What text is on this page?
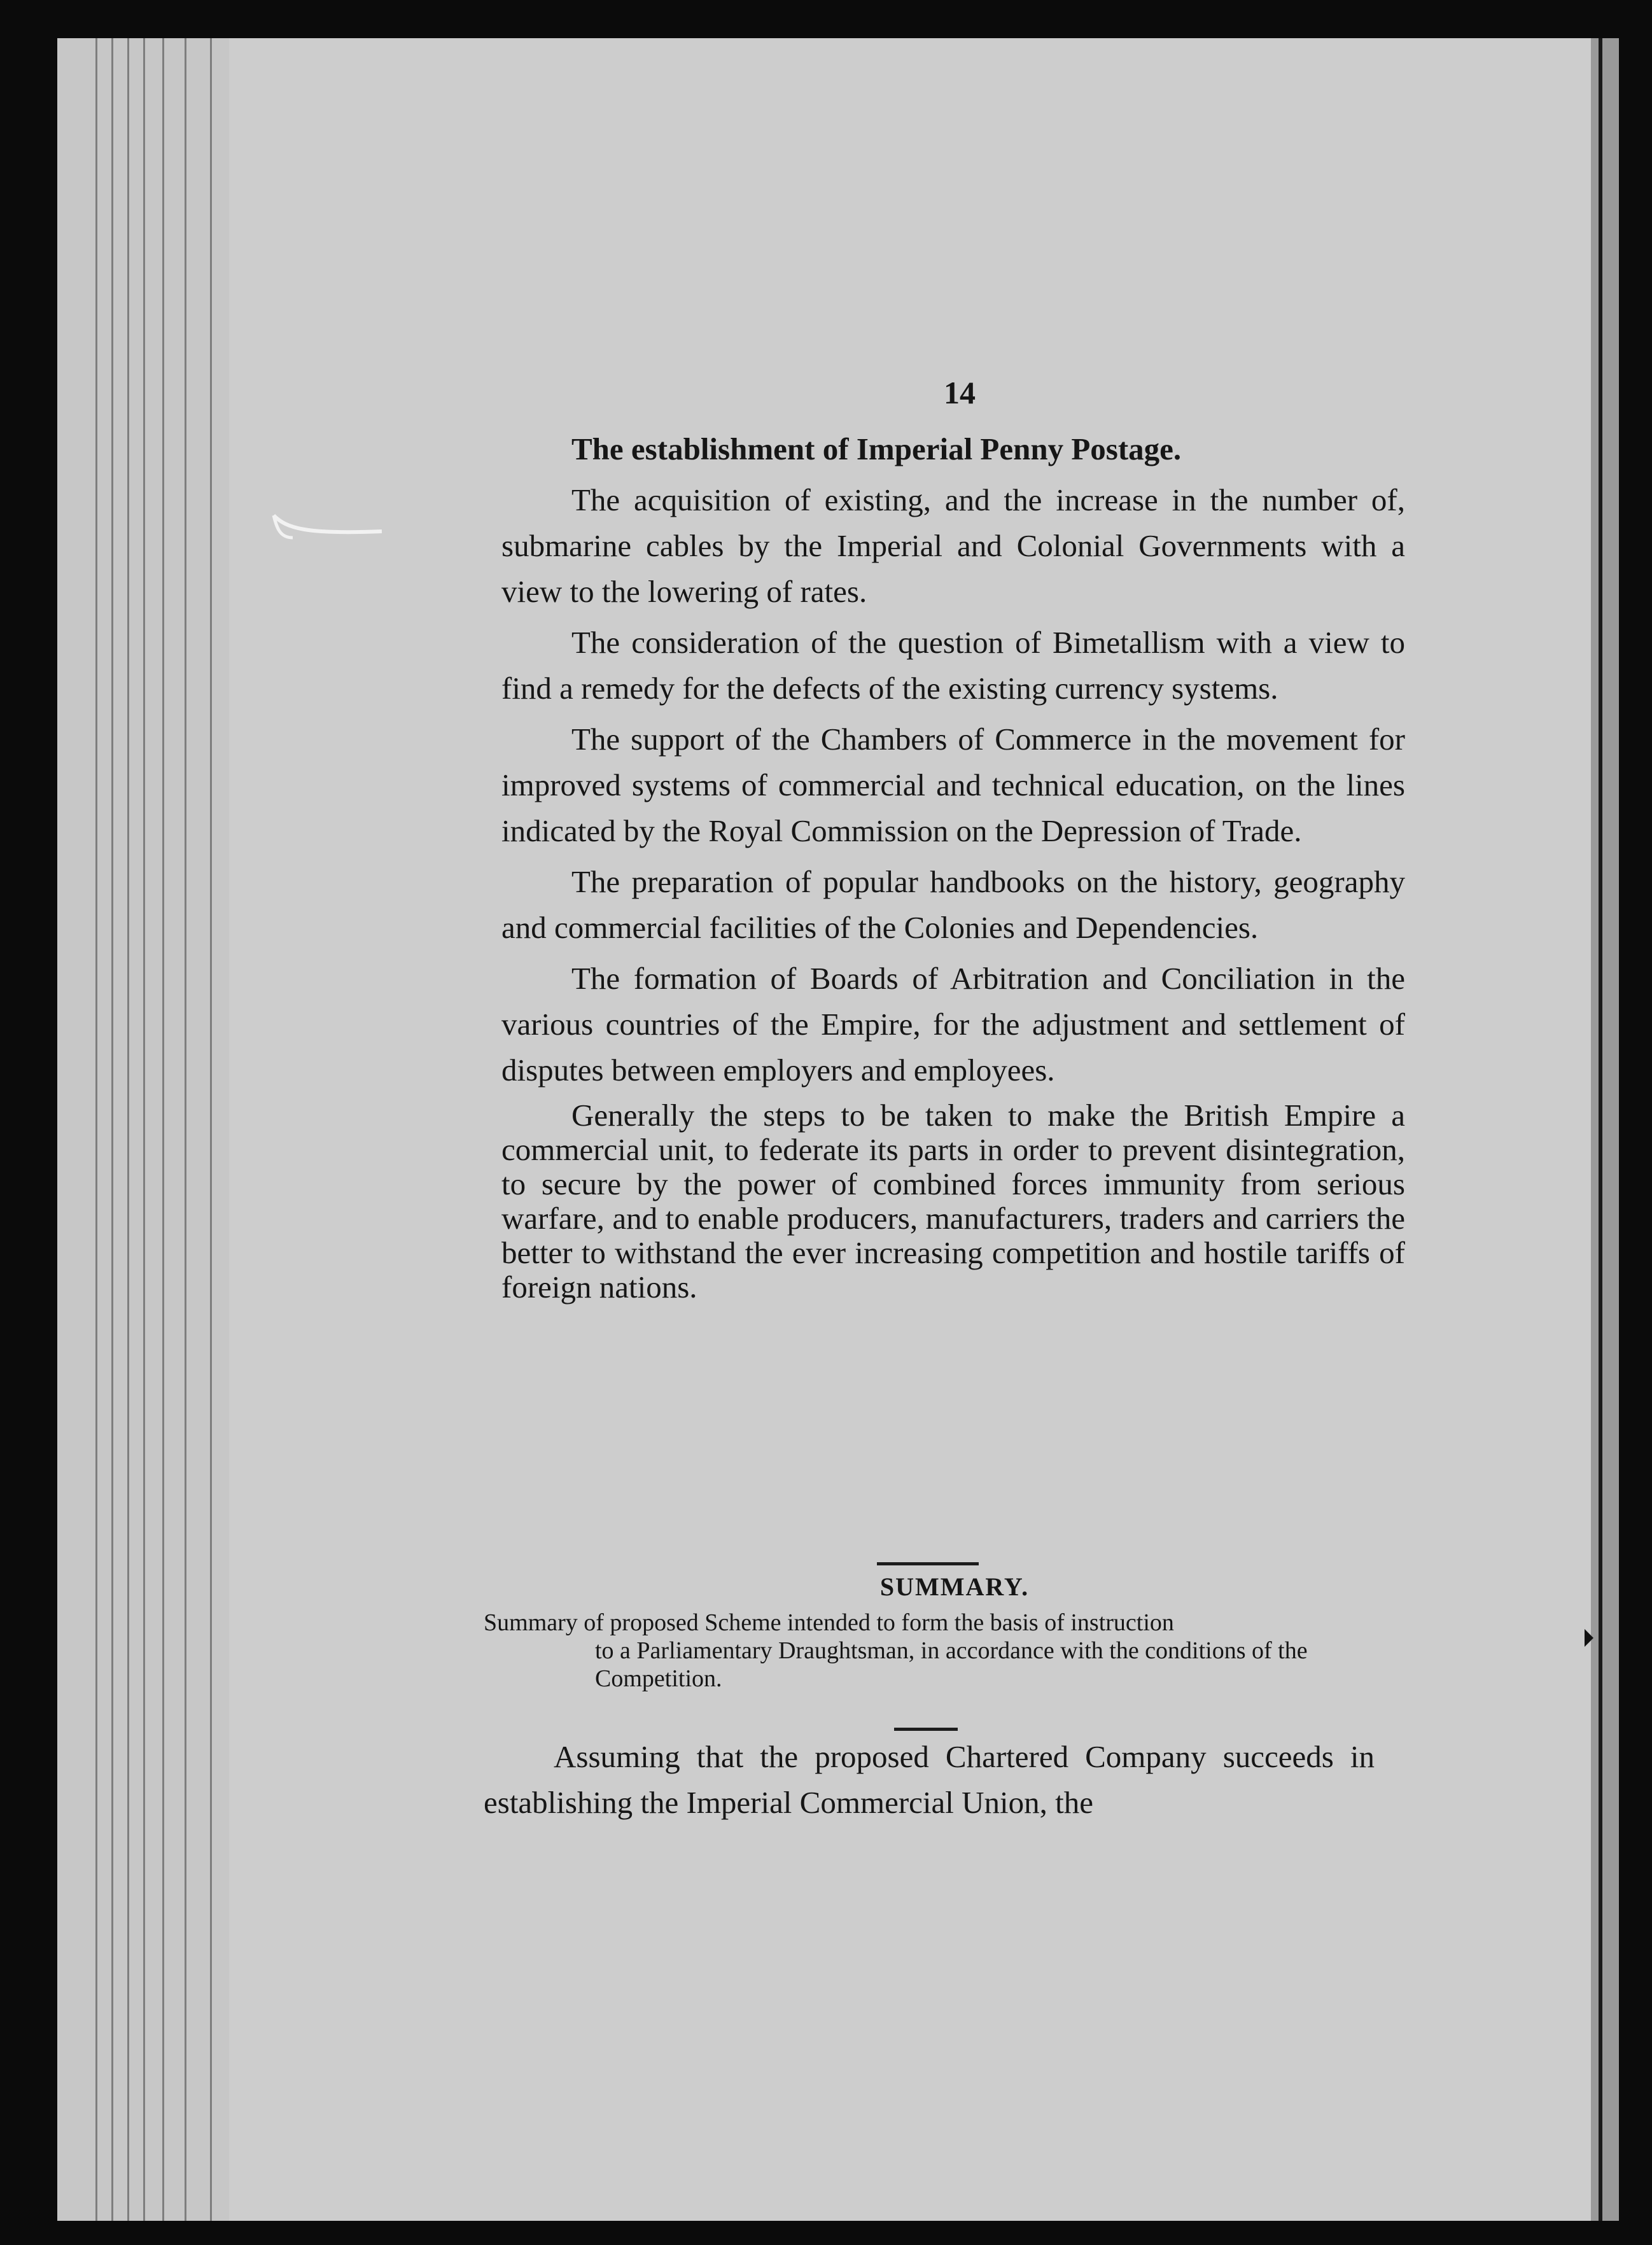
14

The establishment of Imperial Penny Postage.

The acquisition of existing, and the increase in the number of, submarine cables by the Imperial and Colonial Governments with a view to the lowering of rates.

The consideration of the question of Bimetallism with a view to find a remedy for the defects of the existing currency systems.

The support of the Chambers of Commerce in the movement for improved systems of commercial and technical education, on the lines indicated by the Royal Commission on the Depression of Trade.

The preparation of popular handbooks on the history, geography and commercial facilities of the Colonies and Dependencies.

The formation of Boards of Arbitration and Conciliation in the various countries of the Empire, for the adjustment and settlement of disputes between employers and employees.

Generally the steps to be taken to make the British Empire a commercial unit, to federate its parts in order to prevent disintegration, to secure by the power of combined forces immunity from serious warfare, and to enable producers, manufacturers, traders and carriers the better to withstand the ever increasing competition and hostile tariffs of foreign nations.

SUMMARY.
Summary of proposed Scheme intended to form the basis of instruction
to a Parliamentary Draughtsman, in accordance with the conditions of the Competition.

Assuming that the proposed Chartered Company succeeds in establishing the Imperial Commercial Union, the
